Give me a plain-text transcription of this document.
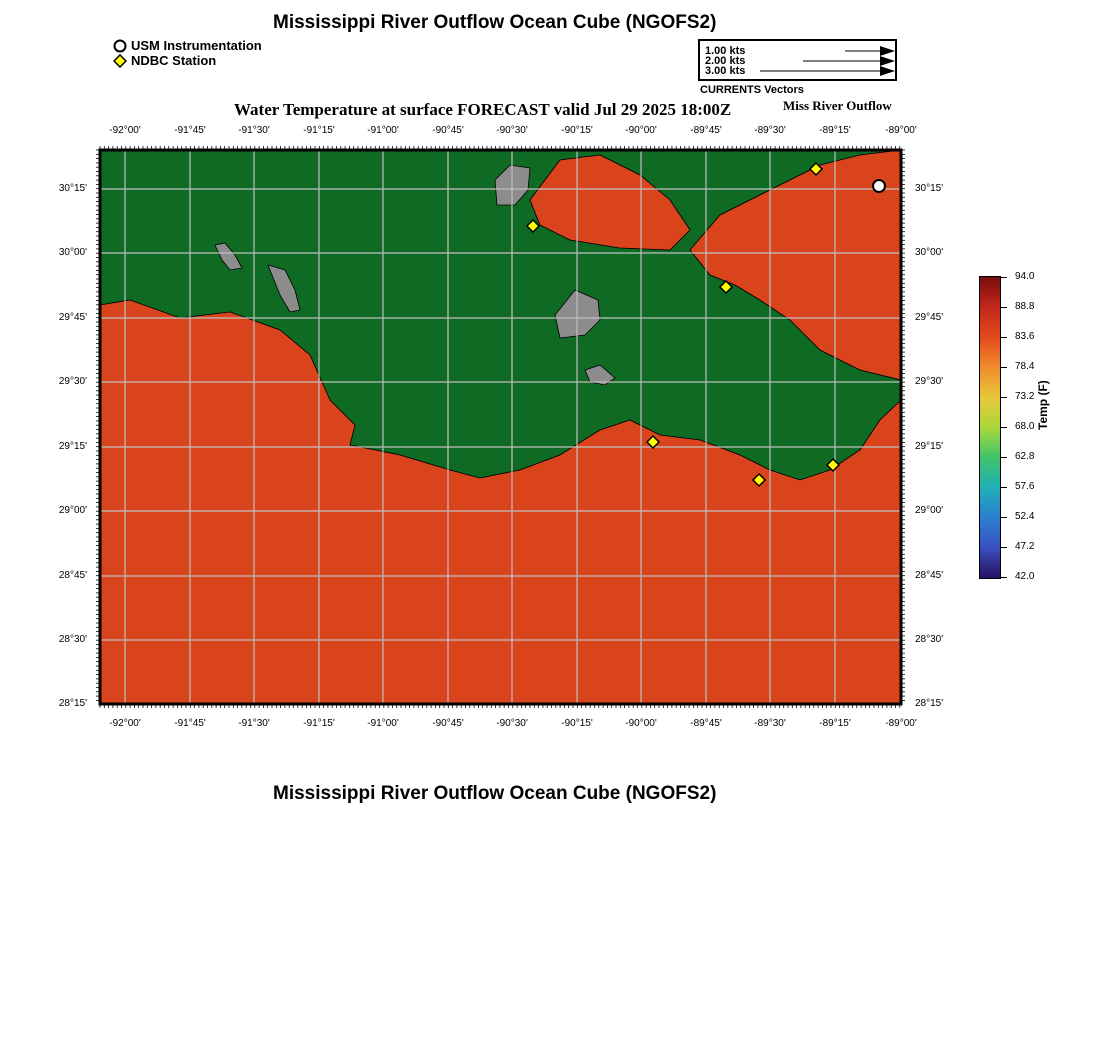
Mississippi River Outflow Ocean Cube (NGOFS2)
USM Instrumentation
NDBC Station
1.00 kts
2.00 kts
3.00 kts
CURRENTS Vectors
Water Temperature at surface FORECAST valid Jul 29 2025 18:00Z	Miss River Outflow
-92°00'	-91°45'	-91°30'	-91°15'	-91°00'	-90°45'	-90°30'	-90°15'	-90°00'	-89°45'	-89°30'	-89°15'	-89°00'
-92°00'	-91°45'	-91°30'	-91°15'	-91°00'	-90°45'	-90°30'	-90°15'	-90°00'	-89°45'	-89°30'	-89°15'	-89°00'
30°15'
30°00'
29°45'
29°30'
29°15'
29°00'
28°45'
28°30'
28°15'
30°15'
30°00'
29°45'
29°30'
29°15'
29°00'
28°45'
28°30'
28°15'
94.0
88.8
83.6
78.4
73.2
68.0
62.8
57.6
52.4
47.2
42.0
Temp (F)
Mississippi River Outflow Ocean Cube (NGOFS2)
